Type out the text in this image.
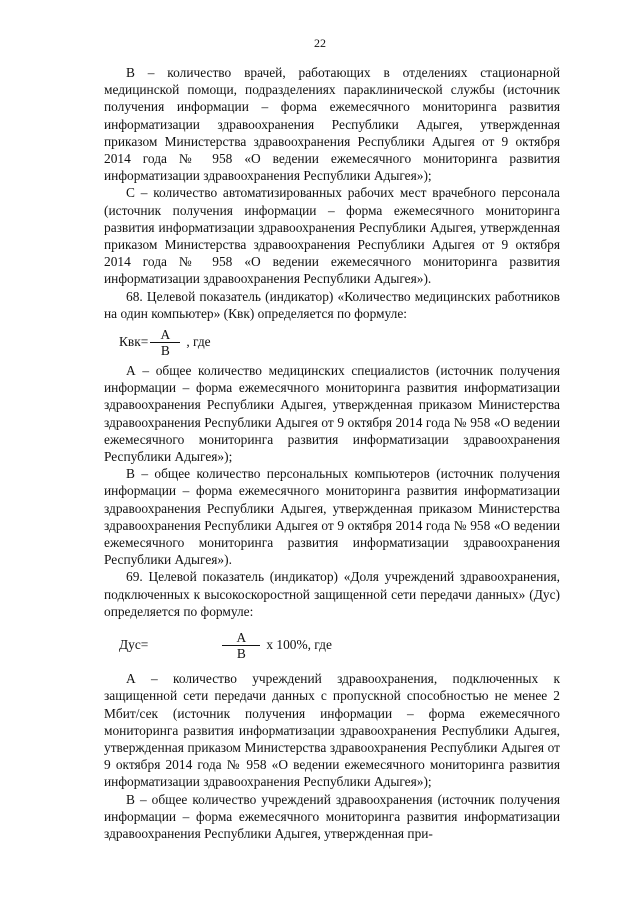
22

В – количество врачей, работающих в отделениях стационарной медицинской помощи, подразделениях параклинической службы (источник получения информации – форма ежемесячного мониторинга развития информатизации здравоохранения Республики Адыгея, утвержденная приказом Министерства здравоохранения Республики Адыгея от 9 октября 2014 года № 958 «О ведении ежемесячного мониторинга развития информатизации здравоохранения Республики Адыгея»);

С – количество автоматизированных рабочих мест врачебного персонала (источник получения информации – форма ежемесячного мониторинга развития информатизации здравоохранения Республики Адыгея, утвержденная приказом Министерства здравоохранения Республики Адыгея от 9 октября 2014 года № 958 «О ведении ежемесячного мониторинга развития информатизации здравоохранения Республики Адыгея»).

68. Целевой показатель (индикатор) «Количество медицинских работников на один компьютер» (Квк) определяется по формуле:

$Квк= \frac{А}{В}$ , где

А – общее количество медицинских специалистов (источник получения информации – форма ежемесячного мониторинга развития информатизации здравоохранения Республики Адыгея, утвержденная приказом Министерства здравоохранения Республики Адыгея от 9 октября 2014 года № 958 «О ведении ежемесячного мониторинга развития информатизации здравоохранения Республики Адыгея»);

В – общее количество персональных компьютеров (источник получения информации – форма ежемесячного мониторинга развития информатизации здравоохранения Республики Адыгея, утвержденная приказом Министерства здравоохранения Республики Адыгея от 9 октября 2014 года № 958 «О ведении ежемесячного мониторинга развития информатизации здравоохранения Республики Адыгея»).

69. Целевой показатель (индикатор) «Доля учреждений здравоохранения, подключенных к высокоскоростной защищенной сети передачи данных» (Дус) определяется по формуле:

Дус=	$\frac{А}{В}$ х 100%, где

А – количество учреждений здравоохранения, подключенных к защищенной сети передачи данных с пропускной способностью не менее 2 Мбит/сек (источник получения информации – форма ежемесячного мониторинга развития информатизации здравоохранения Республики Адыгея, утвержденная приказом Министерства здравоохранения Республики Адыгея от 9 октября 2014 года № 958 «О ведении ежемесячного мониторинга развития информатизации здравоохранения Республики Адыгея»);

В – общее количество учреждений здравоохранения (источник получения информации – форма ежемесячного мониторинга развития информатизации здравоохранения Республики Адыгея, утвержденная при-
